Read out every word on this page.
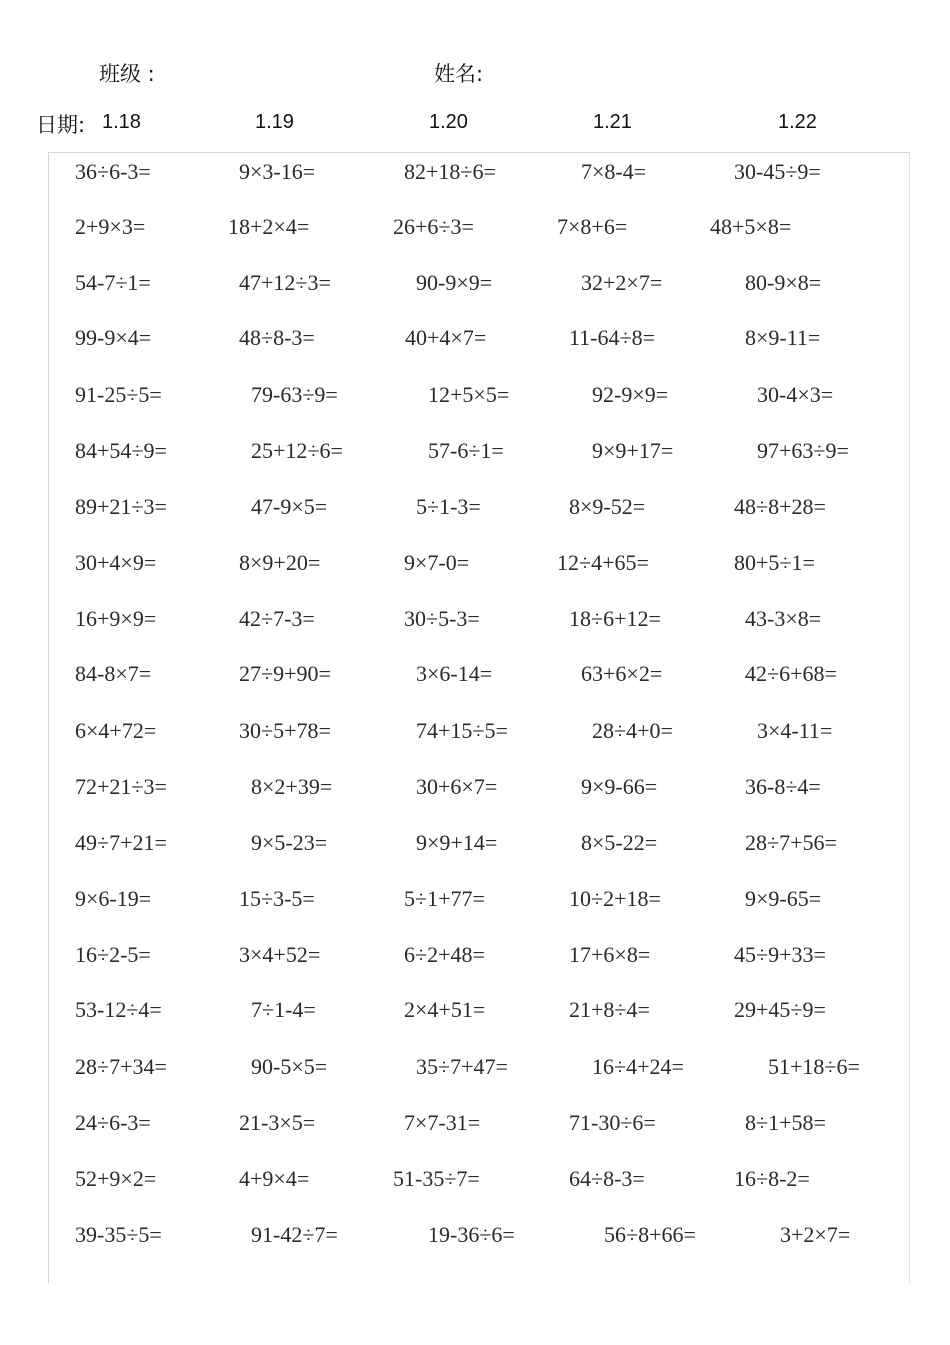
班级 :	姓名:
日期: 1.18	1.19	1.20	1.21	1.22
36÷6-3=	9×3-16=	82+18÷6=	7×8-4=	30-45÷9=
2+9×3=	18+2×4=	26+6÷3=	7×8+6=	48+5×8=
54-7÷1=	47+12÷3=	90-9×9=	32+2×7=	80-9×8=
99-9×4=	48÷8-3=	40+4×7=	11-64÷8=	8×9-11=
91-25÷5=	79-63÷9=	12+5×5=	92-9×9=	30-4×3=
84+54÷9=	25+12÷6=	57-6÷1=	9×9+17=	97+63÷9=
89+21÷3=	47-9×5=	5÷1-3=	8×9-52=	48÷8+28=
30+4×9=	8×9+20=	9×7-0=	12÷4+65=	80+5÷1=
16+9×9=	42÷7-3=	30÷5-3=	18÷6+12=	43-3×8=
84-8×7=	27÷9+90=	3×6-14=	63+6×2=	42÷6+68=
6×4+72=	30÷5+78=	74+15÷5=	28÷4+0=	3×4-11=
72+21÷3=	8×2+39=	30+6×7=	9×9-66=	36-8÷4=
49÷7+21=	9×5-23=	9×9+14=	8×5-22=	28÷7+56=
9×6-19=	15÷3-5=	5÷1+77=	10÷2+18=	9×9-65=
16÷2-5=	3×4+52=	6÷2+48=	17+6×8=	45÷9+33=
53-12÷4=	7÷1-4=	2×4+51=	21+8÷4=	29+45÷9=
28÷7+34=	90-5×5=	35÷7+47=	16÷4+24=	51+18÷6=
24÷6-3=	21-3×5=	7×7-31=	71-30÷6=	8÷1+58=
52+9×2=	4+9×4=	51-35÷7=	64÷8-3=	16÷8-2=
39-35÷5=	91-42÷7=	19-36÷6=	56÷8+66=	3+2×7=
